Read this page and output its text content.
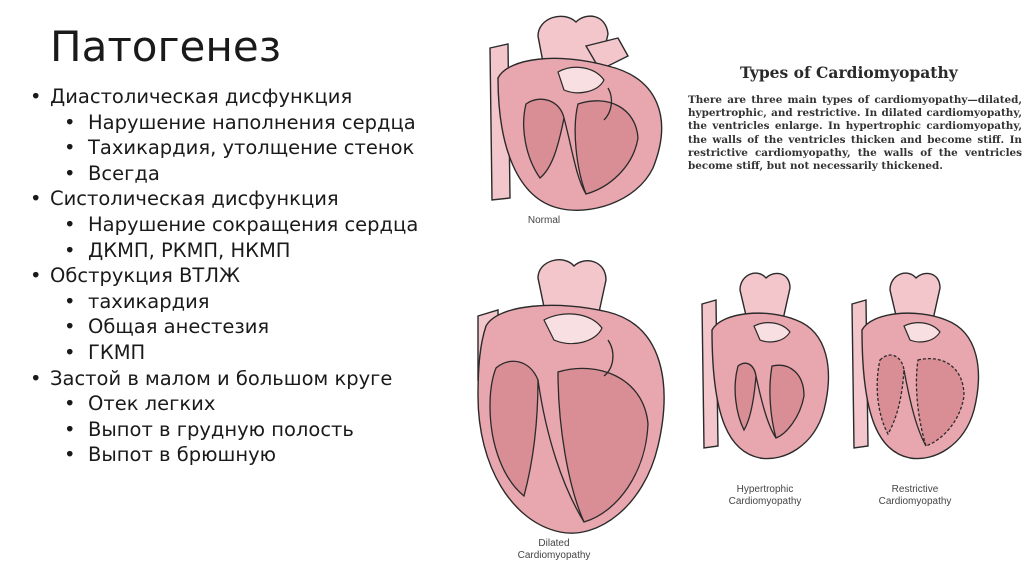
Патогенез
• Диастолическая дисфункция
• Нарушение наполнения сердца
• Тахикардия, утолщение стенок
• Всегда
• Систолическая дисфункция
• Нарушение сокращения сердца
• ДКМП, РКМП, НКМП
• Обструкция ВТЛЖ
• тахикардия
• Общая анестезия
• ГКМП
• Застой в малом и большом круге
• Отек легких
• Выпот в грудную полость
• Выпот в брюшную
Types of Cardiomyopathy
There are three main types of cardiomyopathy—dilated, hypertrophic, and restrictive. In dilated cardiomyopathy, the ventricles enlarge. In hypertrophic cardiomyopathy, the walls of the ventricles thicken and become stiff. In restrictive cardiomyopathy, the walls of the ventricles become stiff, but not necessarily thickened.
Normal
Dilated
Cardiomyopathy
Hypertrophic
Cardiomyopathy
Restrictive
Cardiomyopathy
